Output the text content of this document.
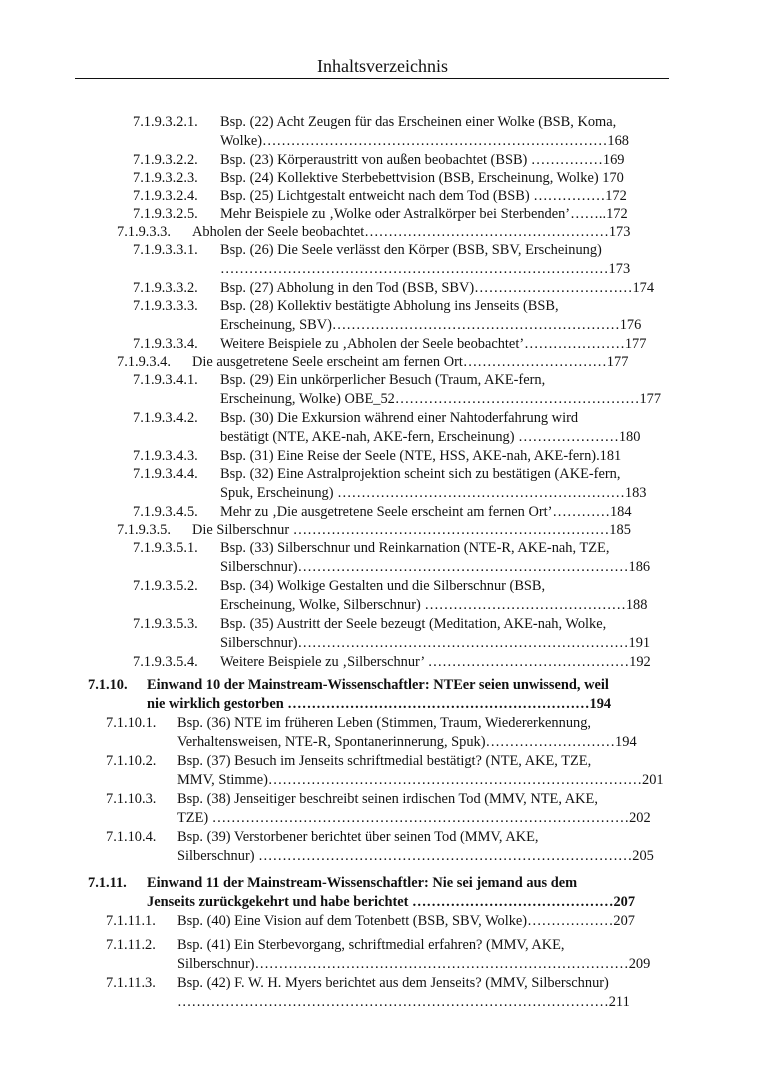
Inhaltsverzeichnis
7.1.9.3.2.1. Bsp. (22) Acht Zeugen für das Erscheinen einer Wolke (BSB, Koma,
Wolke)………………………………………………………………168
7.1.9.3.2.2. Bsp. (23) Körperaustritt von außen beobachtet (BSB) ……………169
7.1.9.3.2.3. Bsp. (24) Kollektive Sterbebettvision (BSB, Erscheinung, Wolke) 170
7.1.9.3.2.4. Bsp. (25) Lichtgestalt entweicht nach dem Tod (BSB) ……………172
7.1.9.3.2.5. Mehr Beispiele zu ‚Wolke oder Astralkörper bei Sterbenden’……..172
7.1.9.3.3. Abholen der Seele beobachtet……………………………………………173
7.1.9.3.3.1. Bsp. (26) Die Seele verlässt den Körper (BSB, SBV, Erscheinung)
………………………………………………………………………173
7.1.9.3.3.2. Bsp. (27) Abholung in den Tod (BSB, SBV)……………………………174
7.1.9.3.3.3. Bsp. (28) Kollektiv bestätigte Abholung ins Jenseits (BSB,
Erscheinung, SBV)……………………………………………………176
7.1.9.3.3.4. Weitere Beispiele zu ‚Abholen der Seele beobachtet’…………………177
7.1.9.3.4. Die ausgetretene Seele erscheint am fernen Ort…………………………177
7.1.9.3.4.1. Bsp. (29) Ein unkörperlicher Besuch (Traum, AKE-fern,
Erscheinung, Wolke) OBE_52……………………………………………177
7.1.9.3.4.2. Bsp. (30) Die Exkursion während einer Nahtoderfahrung wird
bestätigt (NTE, AKE-nah, AKE-fern, Erscheinung) …………………180
7.1.9.3.4.3. Bsp. (31) Eine Reise der Seele (NTE, HSS, AKE-nah, AKE-fern).181
7.1.9.3.4.4. Bsp. (32) Eine Astralprojektion scheint sich zu bestätigen (AKE-fern,
Spuk, Erscheinung) ……………………………………………………183
7.1.9.3.4.5. Mehr zu ‚Die ausgetretene Seele erscheint am fernen Ort’…………184
7.1.9.3.5. Die Silberschnur …………………………………………………………185
7.1.9.3.5.1. Bsp. (33) Silberschnur und Reinkarnation (NTE-R, AKE-nah, TZE,
Silberschnur)……………………………………………………………186
7.1.9.3.5.2. Bsp. (34) Wolkige Gestalten und die Silberschnur (BSB,
Erscheinung, Wolke, Silberschnur) ……………………………………188
7.1.9.3.5.3. Bsp. (35) Austritt der Seele bezeugt (Meditation, AKE-nah, Wolke,
Silberschnur)……………………………………………………………191
7.1.9.3.5.4. Weitere Beispiele zu ‚Silberschnur’ ……………………………………192
7.1.10. Einwand 10 der Mainstream-Wissenschaftler: NTEer seien unwissend, weil
nie wirklich gestorben ………………………………………………………194
7.1.10.1. Bsp. (36) NTE im früheren Leben (Stimmen, Traum, Wiedererkennung,
Verhaltensweisen, NTE-R, Spontanerinnerung, Spuk)………………………194
7.1.10.2. Bsp. (37) Besuch im Jenseits schriftmedial bestätigt? (NTE, AKE, TZE,
MMV, Stimme)……………………………………………………………………201
7.1.10.3. Bsp. (38) Jenseitiger beschreibt seinen irdischen Tod (MMV, NTE, AKE,
TZE) ……………………………………………………………………………202
7.1.10.4. Bsp. (39) Verstorbener berichtet über seinen Tod (MMV, AKE,
Silberschnur) ……………………………………………………………………205
7.1.11. Einwand 11 der Mainstream-Wissenschaftler: Nie sei jemand aus dem
Jenseits zurückgekehrt und habe berichtet ……………………………………207
7.1.11.1. Bsp. (40) Eine Vision auf dem Totenbett (BSB, SBV, Wolke)………………207
7.1.11.2. Bsp. (41) Ein Sterbevorgang, schriftmedial erfahren? (MMV, AKE,
Silberschnur)……………………………………………………………………209
7.1.11.3. Bsp. (42) F. W. H. Myers berichtet aus dem Jenseits? (MMV, Silberschnur)
………………………………………………………………………………211
